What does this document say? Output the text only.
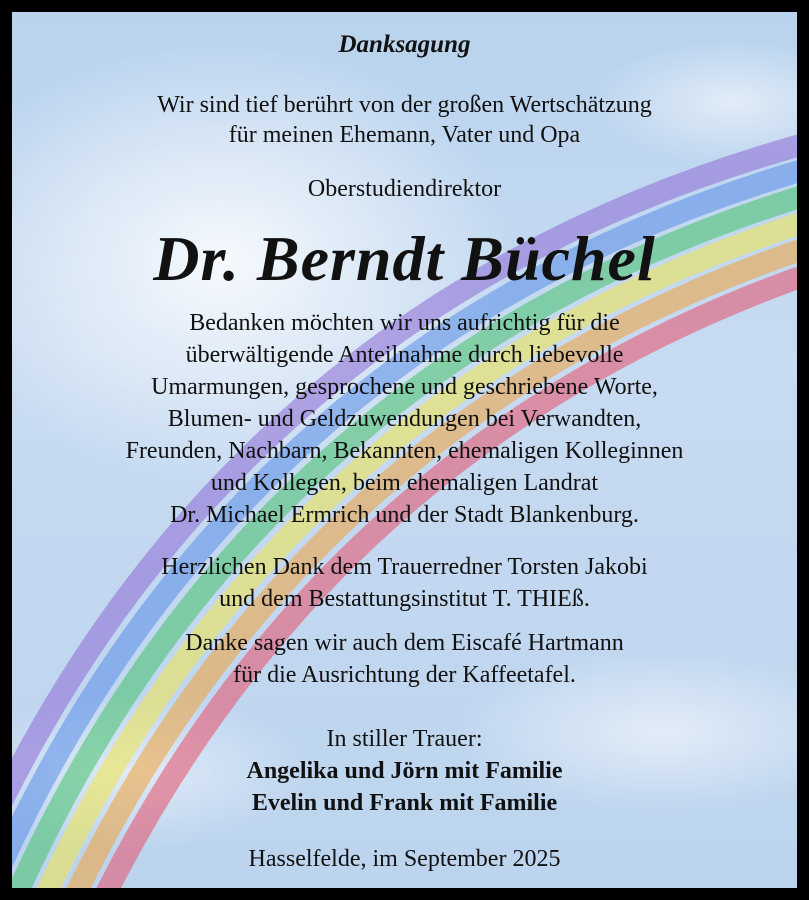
Danksagung
Wir sind tief berührt von der großen Wertschätzung
für meinen Ehemann, Vater und Opa
Oberstudiendirektor
Dr. Berndt Büchel
Bedanken möchten wir uns aufrichtig für die
überwältigende Anteilnahme durch liebevolle
Umarmungen, gesprochene und geschriebene Worte,
Blumen- und Geldzuwendungen bei Verwandten,
Freunden, Nachbarn, Bekannten, ehemaligen Kolleginnen
und Kollegen, beim ehemaligen Landrat
Dr. Michael Ermrich und der Stadt Blankenburg.
Herzlichen Dank dem Trauerredner Torsten Jakobi
und dem Bestattungsinstitut T. THIEß.
Danke sagen wir auch dem Eiscafé Hartmann
für die Ausrichtung der Kaffeetafel.
In stiller Trauer:
Angelika und Jörn mit Familie
Evelin und Frank mit Familie
Hasselfelde, im September 2025
